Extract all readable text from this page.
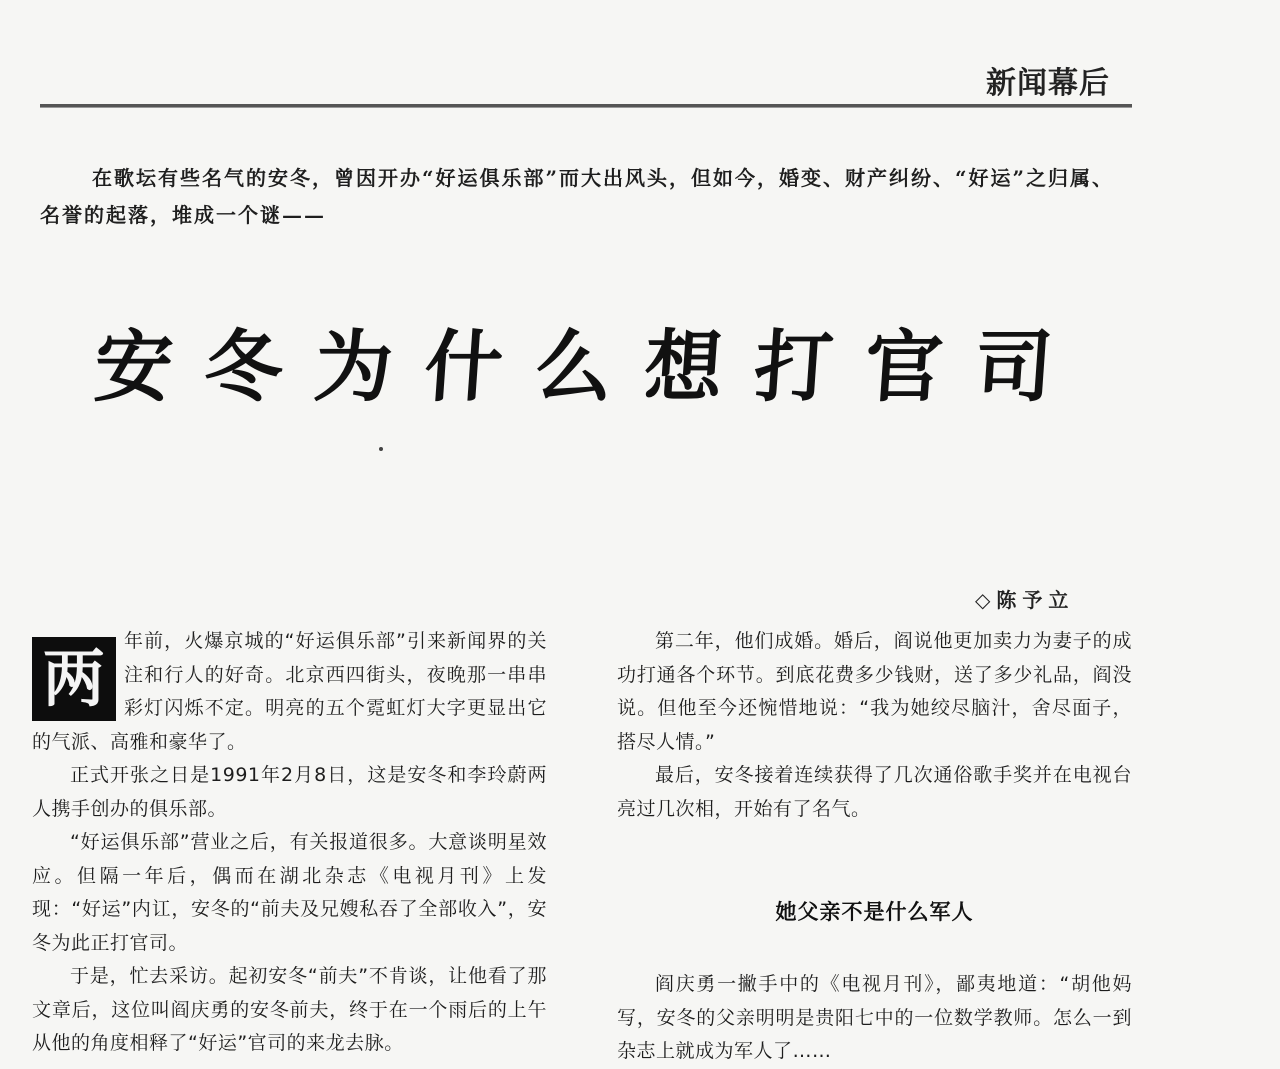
新闻幕后
在歌坛有些名气的安冬，曾因开办“好运俱乐部”而大出风头，但如今，婚变、财产纠纷、“好运”之归属、名誉的起落，堆成一个谜——
安冬为什么想打官司
◇陈予立

两
年前，火爆京城的“好运俱乐部”引来新闻界的关注和行人的好奇。北京西四街头，夜晚那一串串彩灯闪烁不定。明亮的五个霓虹灯大字更显出它的气派、高雅和豪华了。

正式开张之日是1991年2月8日，这是安冬和李玲蔚两人携手创办的俱乐部。

“好运俱乐部”营业之后，有关报道很多。大意谈明星效应。但隔一年后，偶而在湖北杂志《电视月刊》上发现：“好运”内讧，安冬的“前夫及兄嫂私吞了全部收入”，安冬为此正打官司。

于是，忙去采访。起初安冬“前夫”不肯谈，让他看了那文章后，这位叫阎庆勇的安冬前夫，终于在一个雨后的上午从他的角度相释了“好运”官司的来龙去脉。

第二年，他们成婚。婚后，阎说他更加卖力为妻子的成功打通各个环节。到底花费多少钱财，送了多少礼品，阎没说。但他至今还惋惜地说：“我为她绞尽脑汁，舍尽面子，搭尽人情。”

最后，安冬接着连续获得了几次通俗歌手奖并在电视台亮过几次相，开始有了名气。

她父亲不是什么军人

阎庆勇一撇手中的《电视月刊》，鄙夷地道：“胡他妈写，安冬的父亲明明是贵阳七中的一位数学教师。怎么一到杂志上就成为军人了……
